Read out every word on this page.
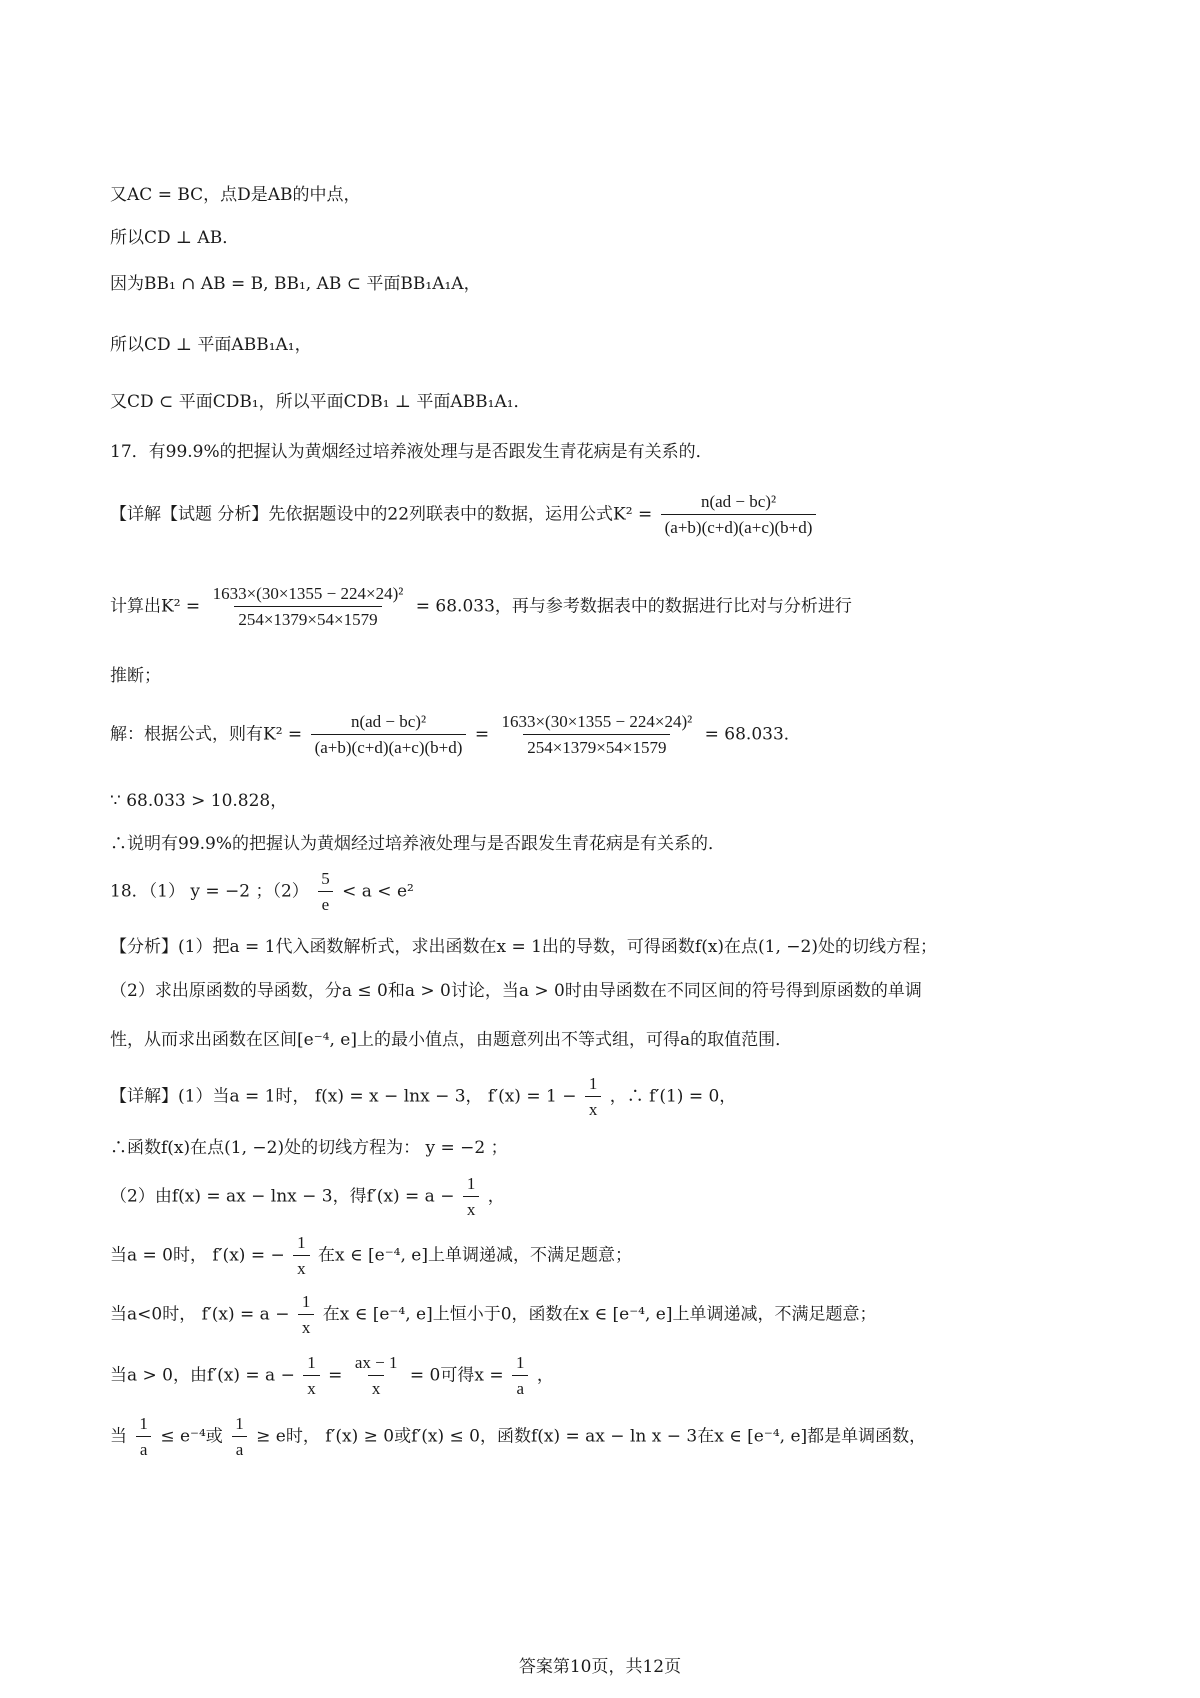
又AC = BC，点D是AB的中点，
所以CD ⊥ AB．
因为BB₁ ∩ AB = B, BB₁, AB ⊂ 平面BB₁A₁A，
所以CD ⊥ 平面ABB₁A₁，
又CD ⊂ 平面CDB₁，所以平面CDB₁ ⊥ 平面ABB₁A₁．
17．有99.9%的把握认为黄烟经过培养液处理与是否跟发生青花病是有关系的．
【详解【试题 分析】先依据题设中的22列联表中的数据，运用公式$K^2 = \frac{\text{n(ad − bc)²}}{(a+b)(c+d)(a+c)(b+d)}$
计算出$K^2 = \frac{\text{1633×(30×1355 − 224×24)²}}{254\times 1379\times 54\times 1579} = 68.033$，再与参考数据表中的数据进行比对与分析进行
推断；
解：根据公式，则有$K^2 = \frac{\text{n(ad − bc)²}}{(a+b)(c+d)(a+c)(b+d)} = \frac{\text{1633×(30×1355 − 224×24)²}}{254\times 1379\times 54\times 1579} = 68.033$．
∵ 68.033 > 10.828，
∴说明有99.9%的把握认为黄烟经过培养液处理与是否跟发生青花病是有关系的．
18．（1） y = −2 ；$(2) \frac{5}{e} < a < e^2$
【分析】(1）把a = 1代入函数解析式，求出函数在x = 1出的导数，可得函数f(x)在点(1, −2)处的切线方程；
（2）求出原函数的导函数，分a ≤ 0和a > 0讨论，当a > 0时由导函数在不同区间的符号得到原函数的单调
性，从而求出函数在区间[e⁻⁴, e]上的最小值点，由题意列出不等式组，可得a的取值范围．
【详解】(1）当a = 1时， f(x) = x − lnx − 3， $f'(x) = 1 - \frac{1}{x}$ ，∴ f′(1) = 0，
∴函数f(x)在点(1, −2)处的切线方程为： y = −2 ；
（2）由f(x) = ax − lnx − 3，得$f'(x) = a - \frac{1}{x}$ ，
当a = 0时， f′(x) = − $\frac{1}{x}$ 在x ∈ [e⁻⁴, e]上单调递减，不满足题意；
当a<0时， $f'(x) = a - \frac{1}{x}$ 在x ∈ [e⁻⁴, e]上恒小于0，函数在x ∈ [e⁻⁴, e]上单调递减，不满足题意；
当a > 0，由$f'(x) = a - \frac{1}{x} = \frac{ax - 1}{x} = 0$可得$x = \frac{1}{a}$ ，
当 $\frac{1}{a} \le e^{-4}$或 $\frac{1}{a} \ge e$时， f′(x) ≥ 0或f′(x) ≤ 0，函数f(x) = ax − ln x − 3在x ∈ [e⁻⁴, e]都是单调函数，
答案第10页，共12页
